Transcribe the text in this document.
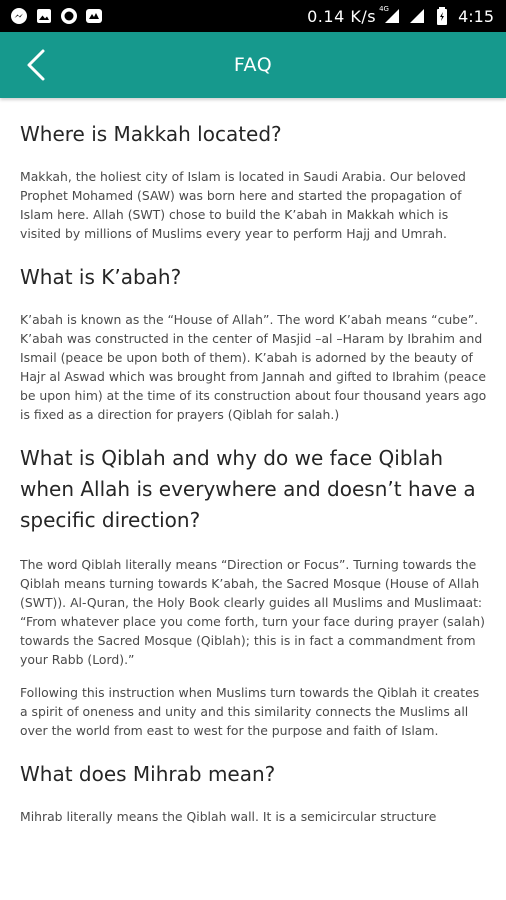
0.14 K/s 4G	4:15
FAQ
Where is Makkah located?

Makkah, the holiest city of Islam is located in Saudi Arabia. Our beloved Prophet Mohamed (SAW) was born here and started the propagation of Islam here. Allah (SWT) chose to build the K’abah in Makkah which is visited by millions of Muslims every year to perform Hajj and Umrah.

What is K’abah?

K’abah is known as the “House of Allah”. The word K’abah means “cube”. K’abah was constructed in the center of Masjid –al –Haram by Ibrahim and Ismail (peace be upon both of them). K’abah is adorned by the beauty of Hajr al Aswad which was brought from Jannah and gifted to Ibrahim (peace be upon him) at the time of its construction about four thousand years ago is fixed as a direction for prayers (Qiblah for salah.)

What is Qiblah and why do we face Qiblah when Allah is everywhere and doesn’t have a specific direction?

The word Qiblah literally means “Direction or Focus”. Turning towards the Qiblah means turning towards K’abah, the Sacred Mosque (House of Allah (SWT)). Al-Quran, the Holy Book clearly guides all Muslims and Muslimaat: “From whatever place you come forth, turn your face during prayer (salah) towards the Sacred Mosque (Qiblah); this is in fact a commandment from your Rabb (Lord).”

Following this instruction when Muslims turn towards the Qiblah it creates a spirit of oneness and unity and this similarity connects the Muslims all over the world from east to west for the purpose and faith of Islam.

What does Mihrab mean?

Mihrab literally means the Qiblah wall. It is a semicircular structure
